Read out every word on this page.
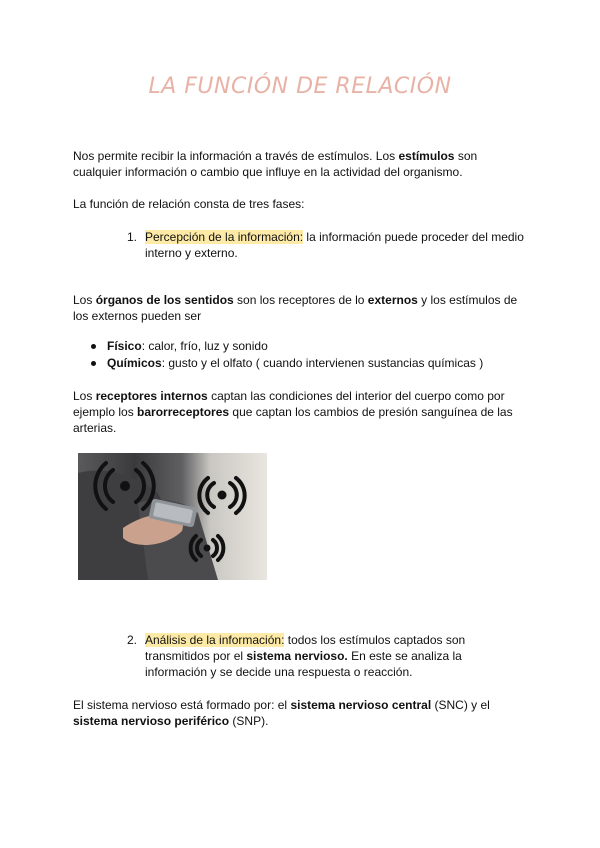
LA FUNCIÓN DE RELACIÓN
Nos permite recibir la información a través de estímulos. Los estímulos son cualquier información o cambio que influye en la actividad del organismo.
La función de relación consta de tres fases:
1. Percepción de la información: la información puede proceder del medio interno y externo.
Los órganos de los sentidos son los receptores de lo externos y los estímulos de los externos pueden ser
Físico: calor, frío, luz y sonido
Químicos: gusto y el olfato ( cuando intervienen sustancias químicas )
Los receptores internos captan las condiciones del interior del cuerpo como por ejemplo los barorreceptores que captan los cambios de presión sanguínea de las arterias.
2. Análisis de la información: todos los estímulos captados son transmitidos por el sistema nervioso. En este se analiza la información y se decide una respuesta o reacción.
El sistema nervioso está formado por: el sistema nervioso central (SNC) y el sistema nervioso periférico (SNP).
